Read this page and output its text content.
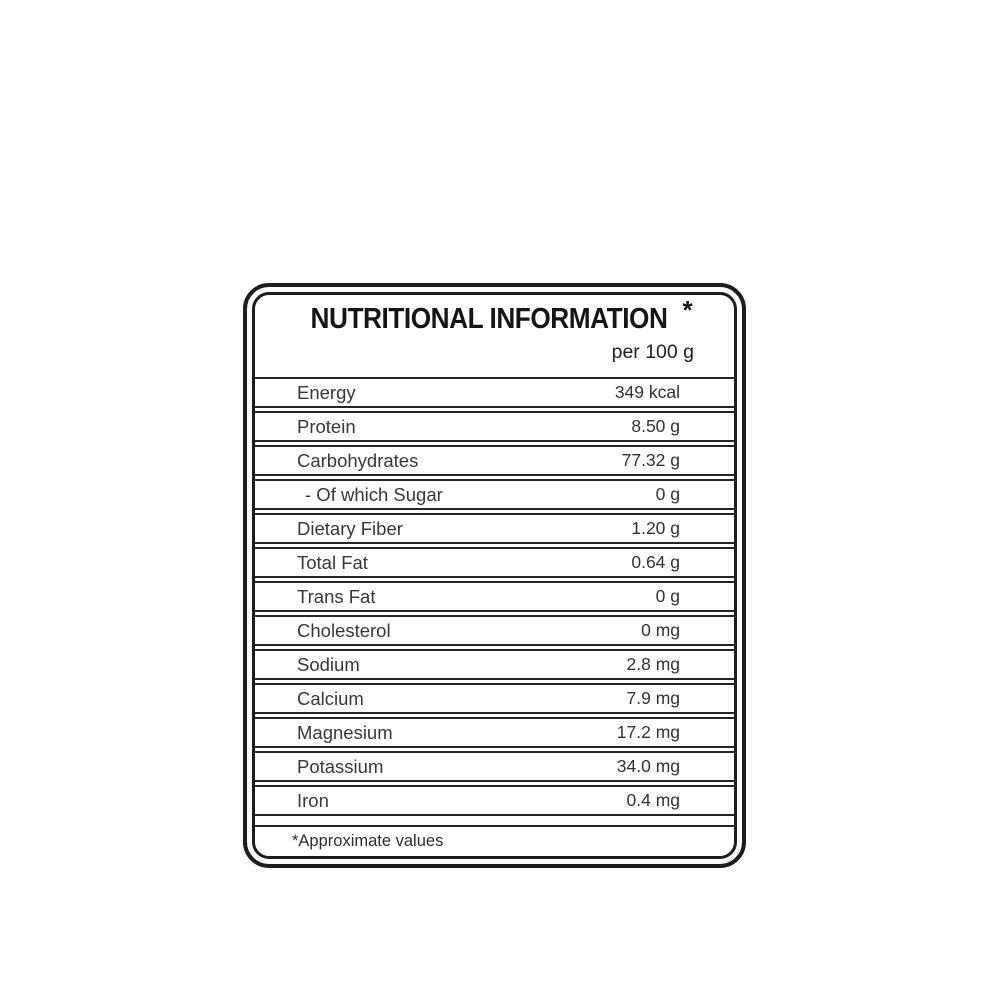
NUTRITIONAL INFORMATION *
per 100 g
Energy	349 kcal
Protein	8.50 g
Carbohydrates	77.32 g
- Of which Sugar	0 g
Dietary Fiber	1.20 g
Total Fat	0.64 g
Trans Fat	0 g
Cholesterol	0 mg
Sodium	2.8 mg
Calcium	7.9 mg
Magnesium	17.2 mg
Potassium	34.0 mg
Iron	0.4 mg
*Approximate values
